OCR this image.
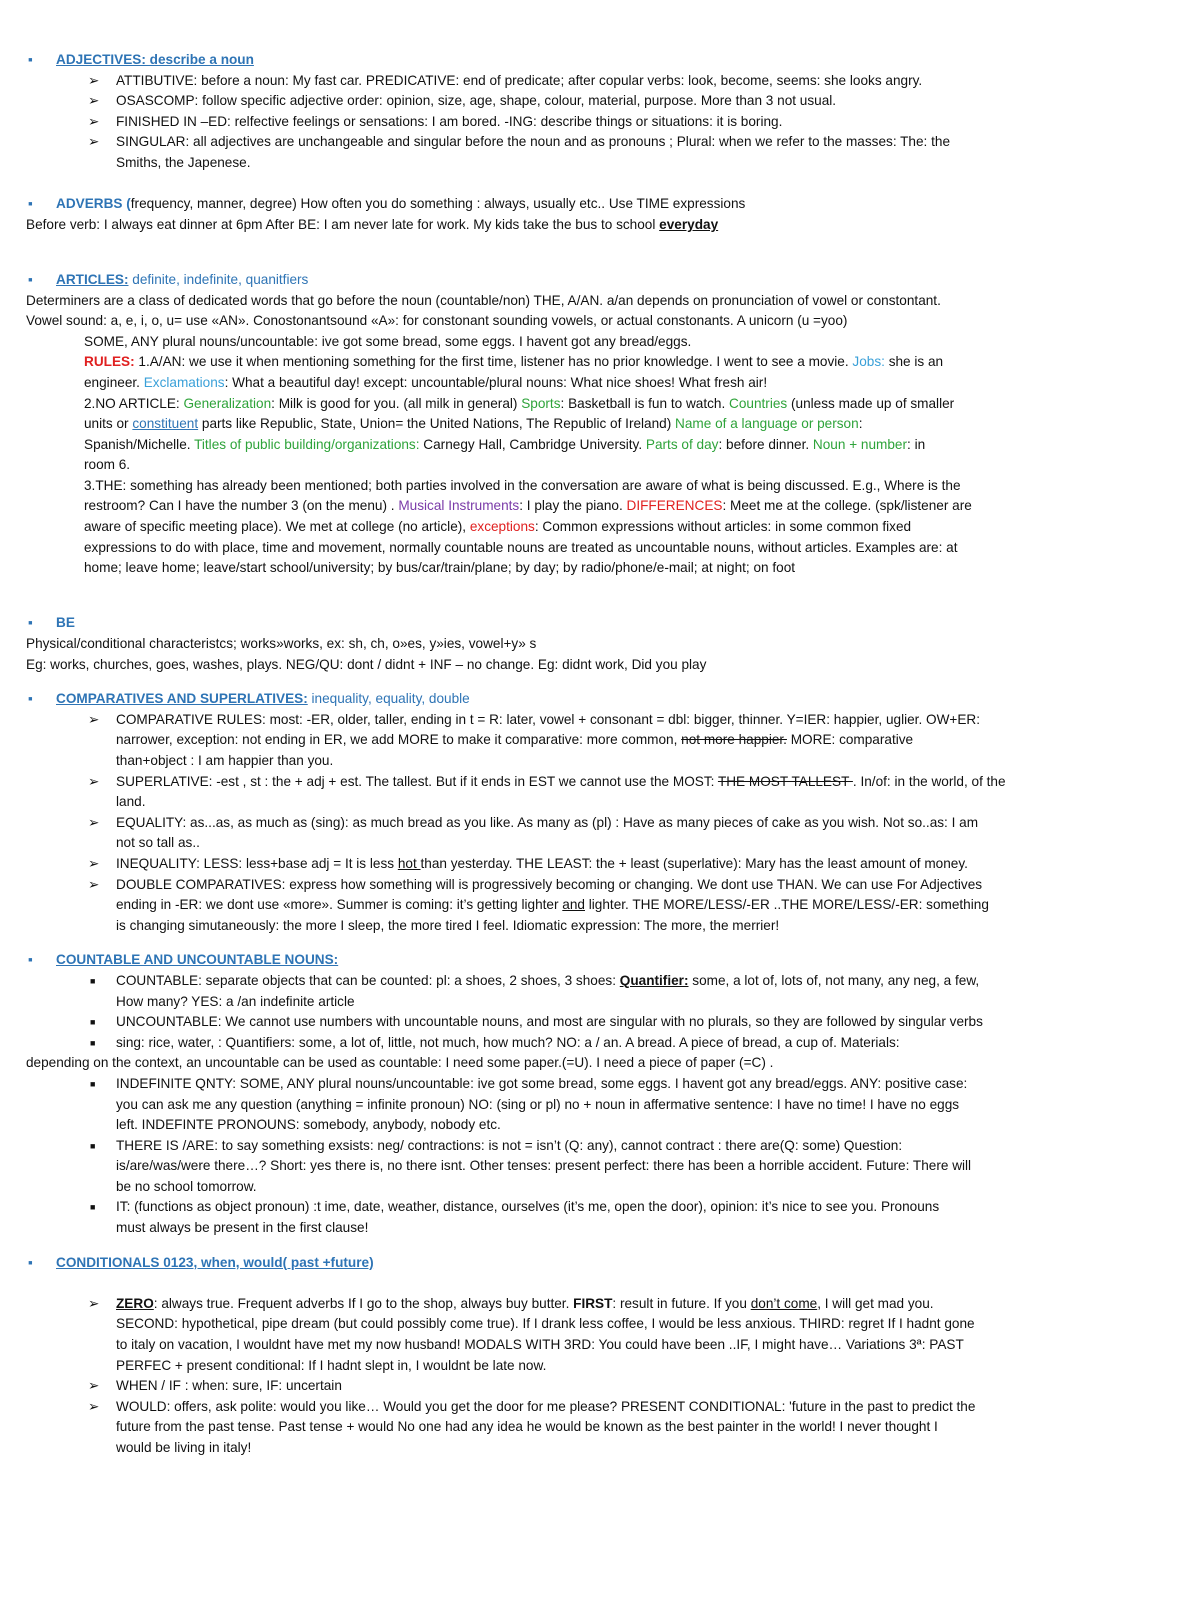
▪ ADJECTIVES: describe a noun
➢ ATTIBUTIVE: before a noun: My fast car. PREDICATIVE: end of predicate; after copular verbs: look, become, seems: she looks angry.
➢ OSASCOMP: follow specific adjective order: opinion, size, age, shape, colour, material, purpose. More than 3 not usual.
➢ FINISHED IN –ED: relfective feelings or sensations: I am bored. -ING: describe things or situations: it is boring.
➢ SINGULAR: all adjectives are unchangeable and singular before the noun and as pronouns ; Plural: when we refer to the masses: The: the
Smiths, the Japenese.
▪ ADVERBS (frequency, manner, degree) How often you do something : always, usually etc.. Use TIME expressions
Before verb: I always eat dinner at 6pm After BE: I am never late for work. My kids take the bus to school everyday
▪ ARTICLES: definite, indefinite, quanitfiers
Determiners are a class of dedicated words that go before the noun (countable/non) THE, A/AN. a/an depends on pronunciation of vowel or constontant.
Vowel sound: a, e, i, o, u= use «AN». Conostonantsound «A»: for constonant sounding vowels, or actual constonants. A unicorn (u =yoo)
SOME, ANY plural nouns/uncountable: ive got some bread, some eggs. I havent got any bread/eggs.
RULES: 1.A/AN: we use it when mentioning something for the first time, listener has no prior knowledge. I went to see a movie. Jobs: she is an
engineer. Exclamations: What a beautiful day! except: uncountable/plural nouns: What nice shoes! What fresh air!
2.NO ARTICLE: Generalization: Milk is good for you. (all milk in general) Sports: Basketball is fun to watch. Countries (unless made up of smaller
units or constituent parts like Republic, State, Union= the United Nations, The Republic of Ireland) Name of a language or person:
Spanish/Michelle. Titles of public building/organizations: Carnegy Hall, Cambridge University. Parts of day: before dinner. Noun + number: in
room 6.
3.THE: something has already been mentioned; both parties involved in the conversation are aware of what is being discussed. E.g., Where is the
restroom? Can I have the number 3 (on the menu) . Musical Instruments: I play the piano. DIFFERENCES: Meet me at the college. (spk/listener are
aware of specific meeting place). We met at college (no article), exceptions: Common expressions without articles: in some common fixed
expressions to do with place, time and movement, normally countable nouns are treated as uncountable nouns, without articles. Examples are: at
home; leave home; leave/start school/university; by bus/car/train/plane; by day; by radio/phone/e-mail; at night; on foot
▪ BE
Physical/conditional characteristcs; works»works, ex: sh, ch, o»es, y»ies, vowel+y» s
Eg: works, churches, goes, washes, plays. NEG/QU: dont / didnt + INF – no change. Eg: didnt work, Did you play
▪ COMPARATIVES AND SUPERLATIVES: inequality, equality, double
➢ COMPARATIVE RULES: most: -ER, older, taller, ending in t = R: later, vowel + consonant = dbl: bigger, thinner. Y=IER: happier, uglier. OW+ER:
narrower, exception: not ending in ER, we add MORE to make it comparative: more common, not more happier. MORE: comparative
than+object : I am happier than you.
➢ SUPERLATIVE: -est , st : the + adj + est. The tallest. But if it ends in EST we cannot use the MOST: THE MOST TALLEST . In/of: in the world, of the
land.
➢ EQUALITY: as...as, as much as (sing): as much bread as you like. As many as (pl) : Have as many pieces of cake as you wish. Not so..as: I am
not so tall as..
➢ INEQUALITY: LESS: less+base adj = It is less hot than yesterday. THE LEAST: the + least (superlative): Mary has the least amount of money.
➢ DOUBLE COMPARATIVES: express how something will is progressively becoming or changing. We dont use THAN. We can use For Adjectives
ending in -ER: we dont use «more». Summer is coming: it’s getting lighter and lighter. THE MORE/LESS/-ER ..THE MORE/LESS/-ER: something
is changing simutaneously: the more I sleep, the more tired I feel. Idiomatic expression: The more, the merrier!
▪ COUNTABLE AND UNCOUNTABLE NOUNS:
■ COUNTABLE: separate objects that can be counted: pl: a shoes, 2 shoes, 3 shoes: Quantifier: some, a lot of, lots of, not many, any neg, a few,
How many? YES: a /an indefinite article
■ UNCOUNTABLE: We cannot use numbers with uncountable nouns, and most are singular with no plurals, so they are followed by singular verbs
■ sing: rice, water, : Quantifiers: some, a lot of, little, not much, how much? NO: a / an. A bread. A piece of bread, a cup of. Materials:
depending on the context, an uncountable can be used as countable: I need some paper.(=U). I need a piece of paper (=C) .
■ INDEFINITE QNTY: SOME, ANY plural nouns/uncountable: ive got some bread, some eggs. I havent got any bread/eggs. ANY: positive case:
you can ask me any question (anything = infinite pronoun) NO: (sing or pl) no + noun in affermative sentence: I have no time! I have no eggs
left. INDEFINTE PRONOUNS: somebody, anybody, nobody etc.
■ THERE IS /ARE: to say something exsists: neg/ contractions: is not = isn’t (Q: any), cannot contract : there are(Q: some) Question:
is/are/was/were there…? Short: yes there is, no there isnt. Other tenses: present perfect: there has been a horrible accident. Future: There will
be no school tomorrow.
■ IT: (functions as object pronoun) :t ime, date, weather, distance, ourselves (it’s me, open the door), opinion: it’s nice to see you. Pronouns
must always be present in the first clause!
▪ CONDITIONALS 0123, when, would( past +future)
➢ ZERO: always true. Frequent adverbs If I go to the shop, always buy butter. FIRST: result in future. If you don’t come, I will get mad you.
SECOND: hypothetical, pipe dream (but could possibly come true). If I drank less coffee, I would be less anxious. THIRD: regret If I hadnt gone
to italy on vacation, I wouldnt have met my now husband! MODALS WITH 3RD: You could have been ..IF, I might have… Variations 3ª: PAST
PERFEC + present conditional: If I hadnt slept in, I wouldnt be late now.
➢ WHEN / IF : when: sure, IF: uncertain
➢ WOULD: offers, ask polite: would you like… Would you get the door for me please? PRESENT CONDITIONAL: 'future in the past to predict the
future from the past tense. Past tense + would No one had any idea he would be known as the best painter in the world! I never thought I
would be living in italy!
